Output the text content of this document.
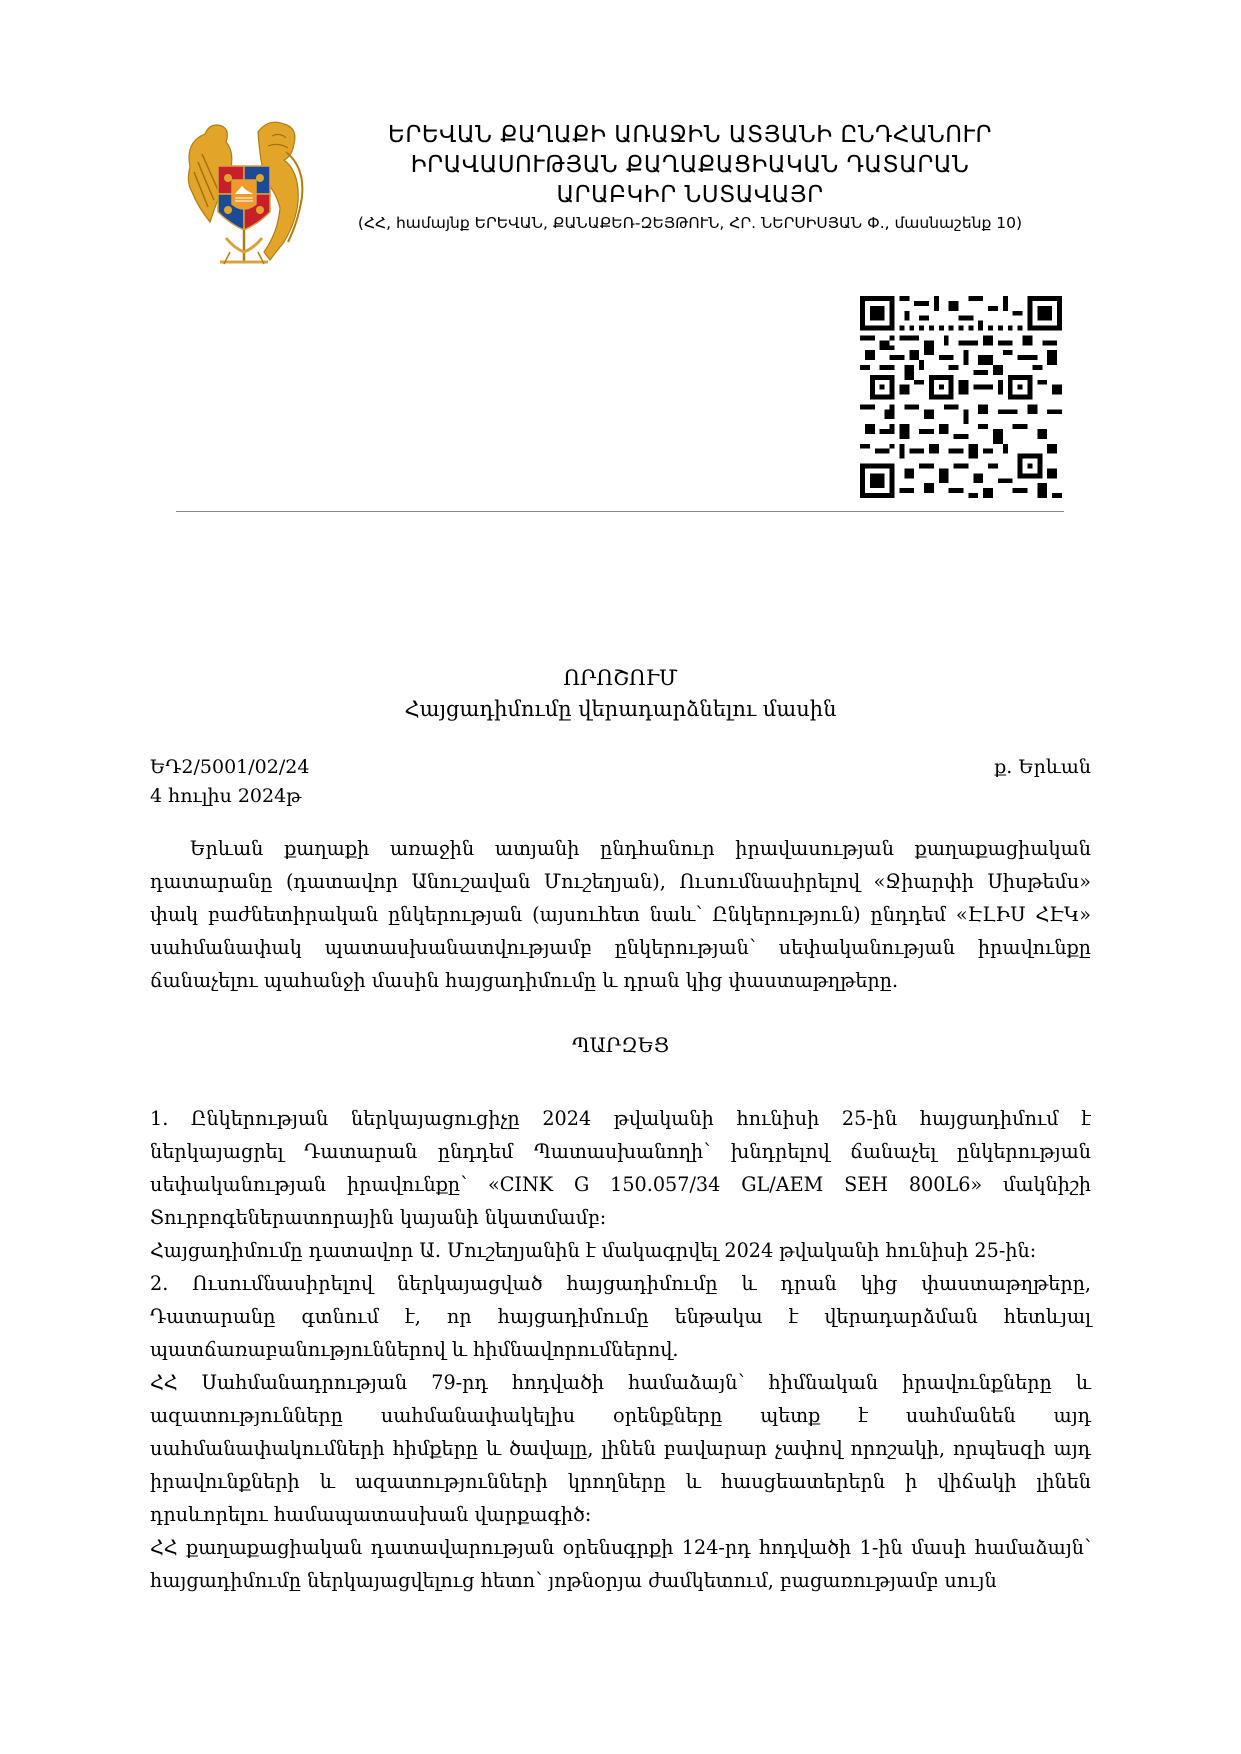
ԵՐԵՎԱՆ ՔԱՂԱՔԻ ԱՌԱՋԻՆ ԱՏՅԱՆԻ ԸՆԴՀԱՆՈՒՐ
ԻՐԱՎԱՍՈՒԹՅԱՆ ՔԱՂԱՔԱՑԻԱԿԱՆ ԴԱՏԱՐԱՆ
ԱՐԱԲԿԻՐ ՆՍՏԱՎԱՅՐ
(ՀՀ, համայնք ԵՐԵՎԱՆ, ՔԱՆԱՔԵՌ-ԶԵՅԹՈՒՆ, ՀՐ. ՆԵՐՍԻՍՅԱՆ Փ., մասնաշենք 10)
ՈՐՈՇՈՒՄ
Հայցադիմումը վերադարձնելու մասին
ԵԴ2/5001/02/24
4 հուլիս 2024թ
ք. Երևան
Երևան քաղաքի առաջին ատյանի ընդհանուր իրավասության քաղաքացիական դատարանը (դատավոր Անուշավան Մուշեղյան), Ուսումնասիրելով «Ջիարփի Սիսթեմս» փակ բաժնետիրական ընկերության (այսուհետ նաև՝ Ընկերություն) ընդդեմ «ԷԼԻՍ ՀԷԿ» սահմանափակ պատասխանատվությամբ ընկերության՝ սեփականության իրավունքը ճանաչելու պահանջի մասին հայցադիմումը և դրան կից փաստաթղթերը.
ՊԱՐԶԵՑ

1. Ընկերության ներկայացուցիչը 2024 թվականի հունիսի 25-ին հայցադիմում է ներկայացրել Դատարան ընդդեմ Պատասխանողի՝ խնդրելով ճանաչել ընկերության սեփականության իրավունքը՝ «CINK G 150.057/34 GL/AEM SEH 800L6» մակնիշի Տուրբոգեներատորային կայանի նկատմամբ:

Հայցադիմումը դատավոր Ա. Մուշեղյանին է մակագրվել 2024 թվականի հունիսի 25-ին:

2. Ուսումնասիրելով ներկայացված հայցադիմումը և դրան կից փաստաթղթերը, Դատարանը գտնում է, որ հայցադիմումը ենթակա է վերադարձման հետևյալ պատճառաբանություններով և հիմնավորումներով.

ՀՀ Սահմանադրության 79-րդ հոդվածի համաձայն՝ հիմնական իրավունքները և ազատությունները սահմանափակելիս օրենքները պետք է սահմանեն այդ սահմանափակումների հիմքերը և ծավալը, լինեն բավարար չափով որոշակի, որպեսզի այդ իրավունքների և ազատությունների կրողները և հասցեատերերն ի վիճակի լինեն դրսևորելու համապատասխան վարքագիծ:

ՀՀ քաղաքացիական դատավարության օրենսգրքի 124-րդ հոդվածի 1-ին մասի համաձայն՝ հայցադիմումը ներկայացվելուց հետո՝ յոթնօրյա ժամկետում, բացառությամբ սույն
